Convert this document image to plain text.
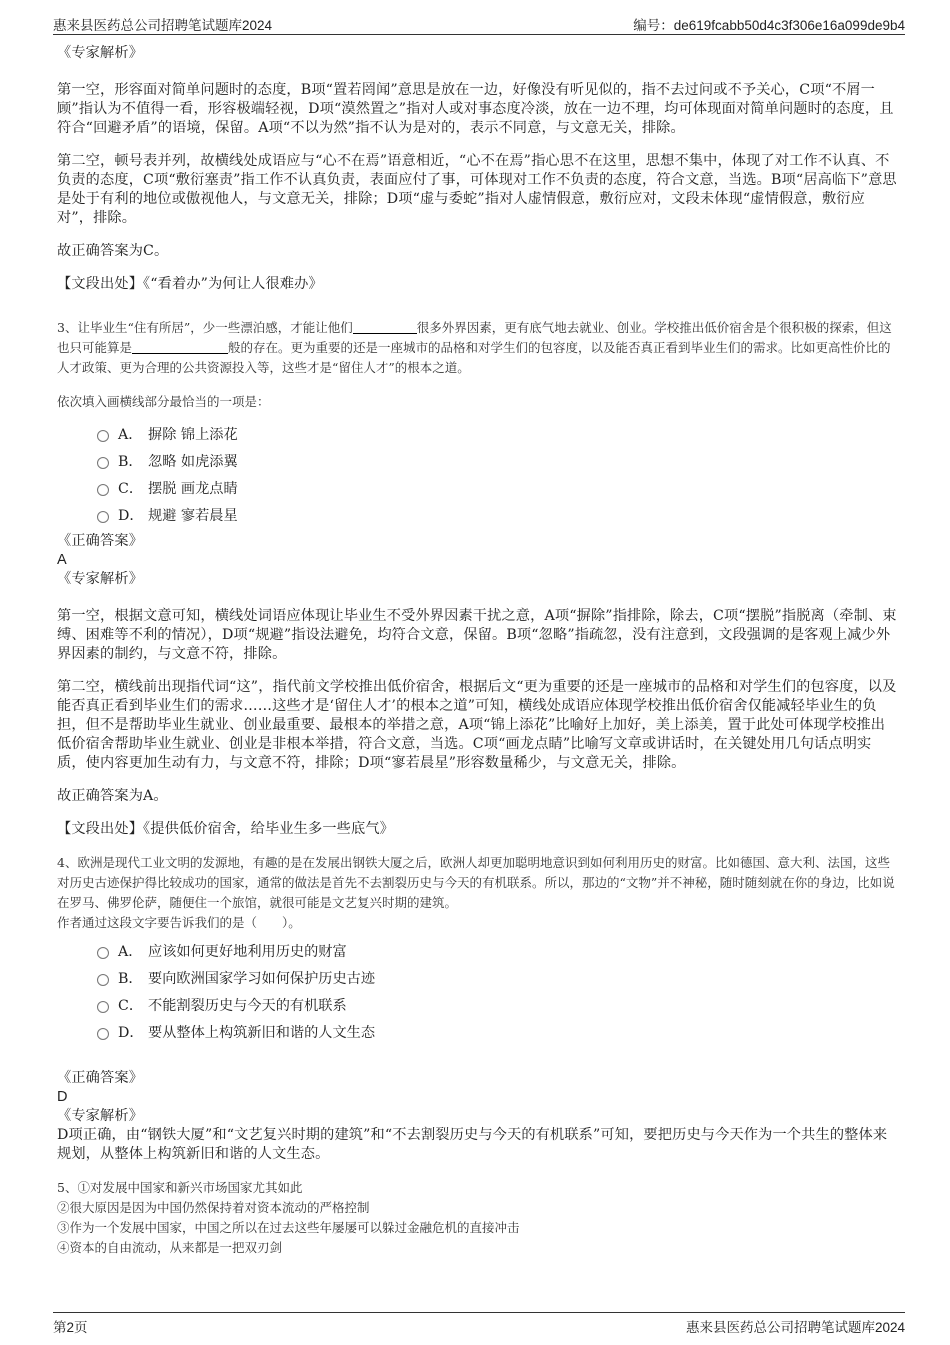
惠来县医药总公司招聘笔试题库2024	编号：de619fcabb50d4c3f306e16a099de9b4

《专家解析》

第一空，形容面对简单问题时的态度，B项“置若罔闻”意思是放在一边，好像没有听见似的，指不去过问或不予关心，C项“不屑一顾”指认为不值得一看，形容极端轻视，D项“漠然置之”指对人或对事态度冷淡，放在一边不理，均可体现面对简单问题时的态度，且符合“回避矛盾”的语境，保留。A项“不以为然”指不认为是对的，表示不同意，与文意无关，排除。

第二空，顿号表并列，故横线处成语应与“心不在焉”语意相近，“心不在焉”指心思不在这里，思想不集中，体现了对工作不认真、不负责的态度，C项“敷衍塞责”指工作不认真负责，表面应付了事，可体现对工作不负责的态度，符合文意，当选。B项“居高临下”意思是处于有利的地位或傲视他人，与文意无关，排除；D项“虚与委蛇”指对人虚情假意，敷衍应对，文段未体现“虚情假意，敷衍应对”，排除。

故正确答案为C。

【文段出处】《“看着办”为何让人很难办》

3、让毕业生“住有所居”，少一些漂泊感，才能让他们	很多外界因素，更有底气地去就业、创业。学校推出低价宿舍是个很积极的探索，但这也只可能算是	般的存在。更为重要的还是一座城市的品格和对学生们的包容度，以及能否真正看到毕业生们的需求。比如更高性价比的人才政策、更为合理的公共资源投入等，这些才是“留住人才”的根本之道。

依次填入画横线部分最恰当的一项是：

A． 摒除 锦上添花
B． 忽略 如虎添翼
C． 摆脱 画龙点睛
D． 规避 寥若晨星

《正确答案》

A

《专家解析》

第一空，根据文意可知，横线处词语应体现让毕业生不受外界因素干扰之意，A项“摒除”指排除，除去，C项“摆脱”指脱离（牵制、束缚、困难等不利的情况），D项“规避”指设法避免，均符合文意，保留。B项“忽略”指疏忽，没有注意到，文段强调的是客观上减少外界因素的制约，与文意不符，排除。

第二空，横线前出现指代词“这”，指代前文学校推出低价宿舍，根据后文“更为重要的还是一座城市的品格和对学生们的包容度，以及能否真正看到毕业生们的需求……这些才是‘留住人才’的根本之道”可知，横线处成语应体现学校推出低价宿舍仅能减轻毕业生的负担，但不是帮助毕业生就业、创业最重要、最根本的举措之意，A项“锦上添花”比喻好上加好，美上添美，置于此处可体现学校推出低价宿舍帮助毕业生就业、创业是非根本举措，符合文意，当选。C项“画龙点睛”比喻写文章或讲话时，在关键处用几句话点明实质，使内容更加生动有力，与文意不符，排除；D项“寥若晨星”形容数量稀少，与文意无关，排除。

故正确答案为A。

【文段出处】《提供低价宿舍，给毕业生多一些底气》

4、欧洲是现代工业文明的发源地，有趣的是在发展出钢铁大厦之后，欧洲人却更加聪明地意识到如何利用历史的财富。比如德国、意大利、法国，这些对历史古迹保护得比较成功的国家，通常的做法是首先不去割裂历史与今天的有机联系。所以，那边的“文物”并不神秘，随时随刻就在你的身边，比如说在罗马、佛罗伦萨，随便住一个旅馆，就很可能是文艺复兴时期的建筑。

作者通过这段文字要告诉我们的是（　　）。

A． 应该如何更好地利用历史的财富
B． 要向欧洲国家学习如何保护历史古迹
C． 不能割裂历史与今天的有机联系
D． 要从整体上构筑新旧和谐的人文生态

《正确答案》

D

《专家解析》

D项正确，由“钢铁大厦”和“文艺复兴时期的建筑”和“不去割裂历史与今天的有机联系”可知，要把历史与今天作为一个共生的整体来规划，从整体上构筑新旧和谐的人文生态。

5、①对发展中国家和新兴市场国家尤其如此

②很大原因是因为中国仍然保持着对资本流动的严格控制

③作为一个发展中国家，中国之所以在过去这些年屡屡可以躲过金融危机的直接冲击

④资本的自由流动，从来都是一把双刃剑

第2页	惠来县医药总公司招聘笔试题库2024
